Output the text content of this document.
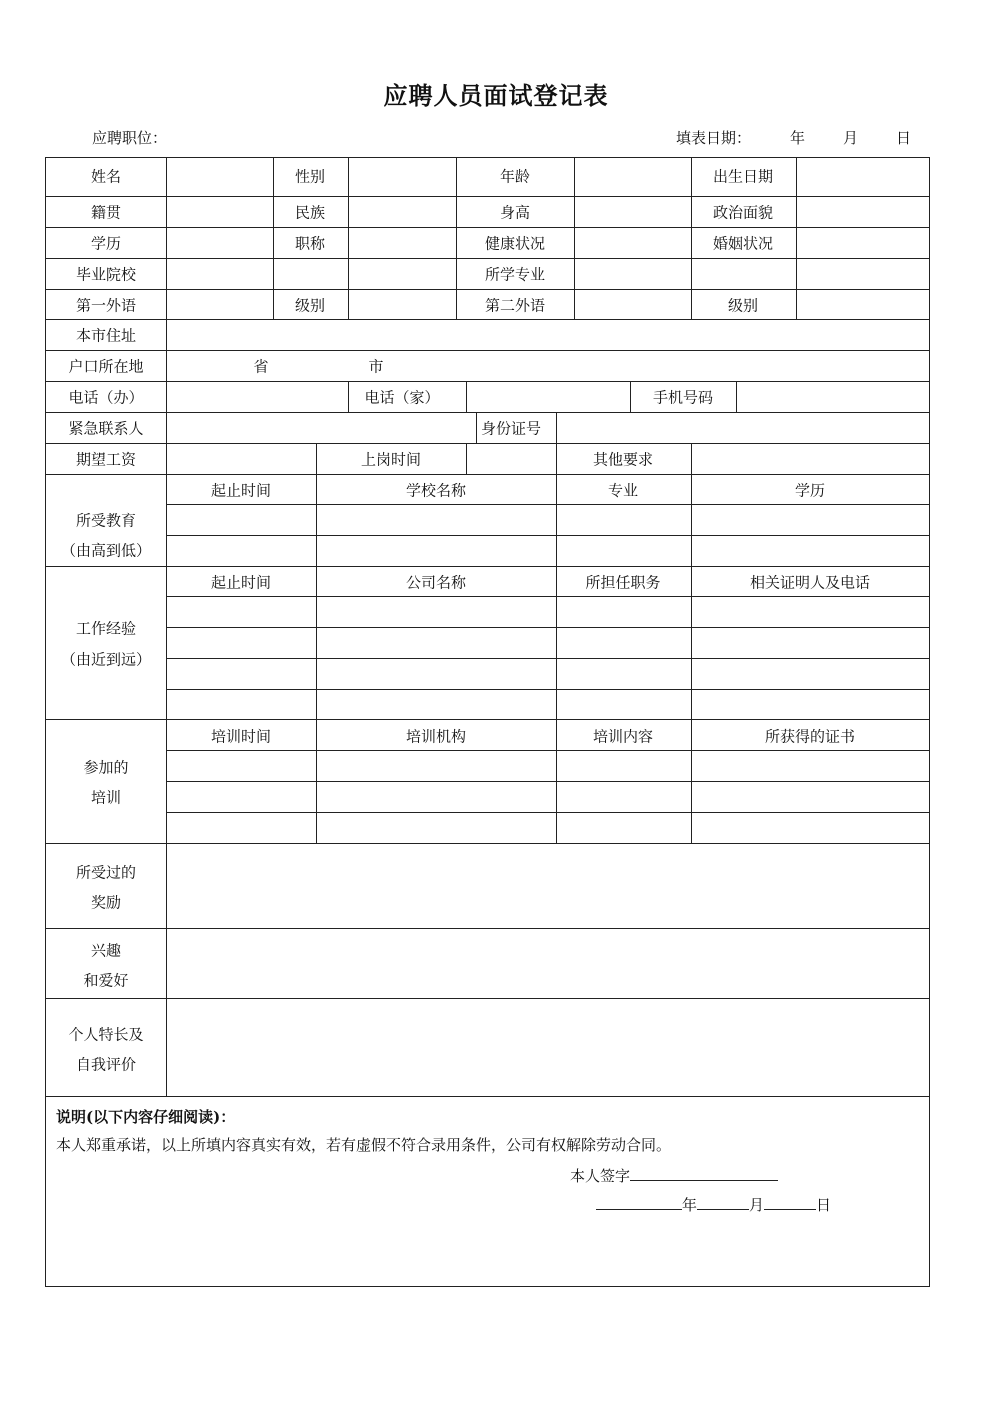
应聘人员面试登记表
应聘职位：	填表日期：	年	月	日
姓名	性别	年龄	出生日期
籍贯	民族	身高	政治面貌
学历	职称	健康状况	婚姻状况
毕业院校	所学专业
第一外语	级别	第二外语	级别
本市住址
户口所在地	省	市
电话（办）	电话（家）	手机号码
紧急联系人	身份证号
期望工资	上岗时间	其他要求
所受教育
（由高到低）
起止时间	学校名称	专业	学历
工作经验
（由近到远）
起止时间	公司名称	所担任职务	相关证明人及电话
参加的
培训
培训时间	培训机构	培训内容	所获得的证书
所受过的
奖励
兴趣
和爱好
个人特长及
自我评价
说明(以下内容仔细阅读)：
本人郑重承诺，以上所填内容真实有效，若有虚假不符合录用条件，公司有权解除劳动合同。
本人签字
年	月	日
